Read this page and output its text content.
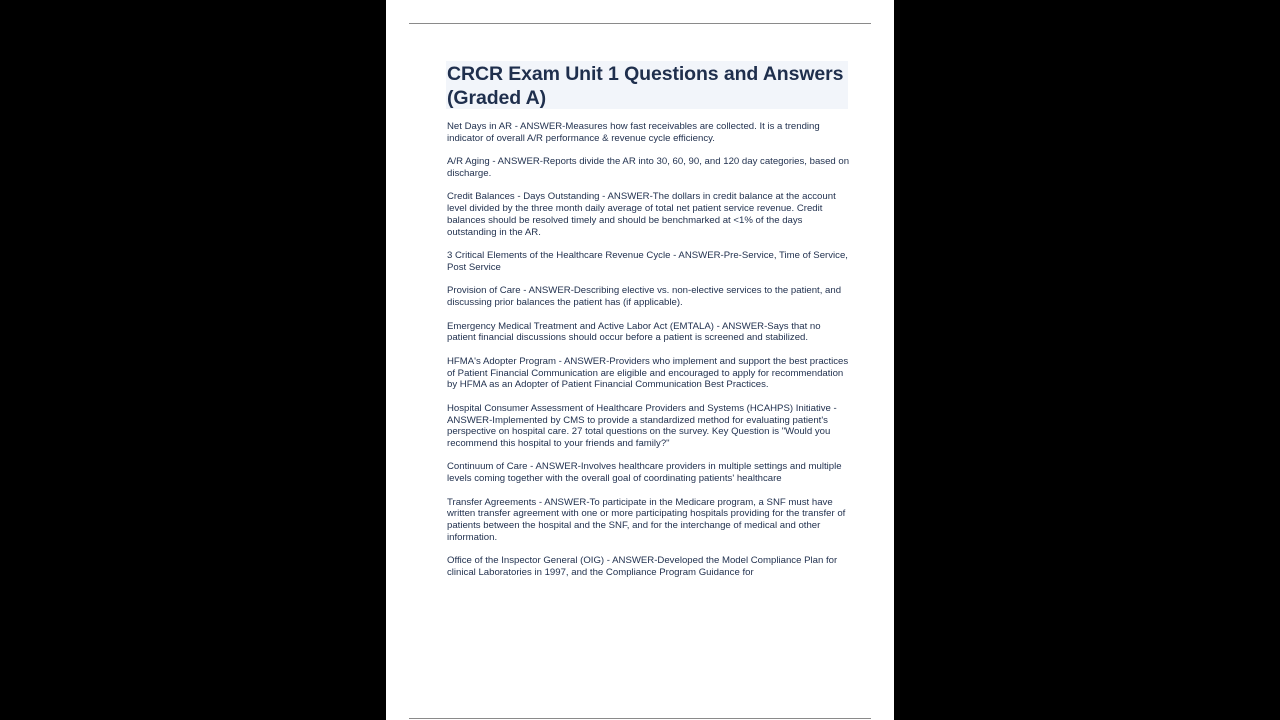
CRCR Exam Unit 1 Questions and Answers (Graded A)
Net Days in AR - ANSWER-Measures how fast receivables are collected. It is a trending indicator of overall A/R performance & revenue cycle efficiency.
A/R Aging - ANSWER-Reports divide the AR into 30, 60, 90, and 120 day categories, based on discharge.
Credit Balances - Days Outstanding - ANSWER-The dollars in credit balance at the account level divided by the three month daily average of total net patient service revenue. Credit balances should be resolved timely and should be benchmarked at <1% of the days outstanding in the AR.
3 Critical Elements of the Healthcare Revenue Cycle - ANSWER-Pre-Service, Time of Service, Post Service
Provision of Care - ANSWER-Describing elective vs. non-elective services to the patient, and discussing prior balances the patient has (if applicable).
Emergency Medical Treatment and Active Labor Act (EMTALA) - ANSWER-Says that no patient financial discussions should occur before a patient is screened and stabilized.
HFMA's Adopter Program - ANSWER-Providers who implement and support the best practices of Patient Financial Communication are eligible and encouraged to apply for recommendation by HFMA as an Adopter of Patient Financial Communication Best Practices.
Hospital Consumer Assessment of Healthcare Providers and Systems (HCAHPS) Initiative - ANSWER-Implemented by CMS to provide a standardized method for evaluating patient's perspective on hospital care. 27 total questions on the survey. Key Question is "Would you recommend this hospital to your friends and family?"
Continuum of Care - ANSWER-Involves healthcare providers in multiple settings and multiple levels coming together with the overall goal of coordinating patients' healthcare
Transfer Agreements - ANSWER-To participate in the Medicare program, a SNF must have written transfer agreement with one or more participating hospitals providing for the transfer of patients between the hospital and the SNF, and for the interchange of medical and other information.
Office of the Inspector General (OIG) - ANSWER-Developed the Model Compliance Plan for clinical Laboratories in 1997, and the Compliance Program Guidance for
